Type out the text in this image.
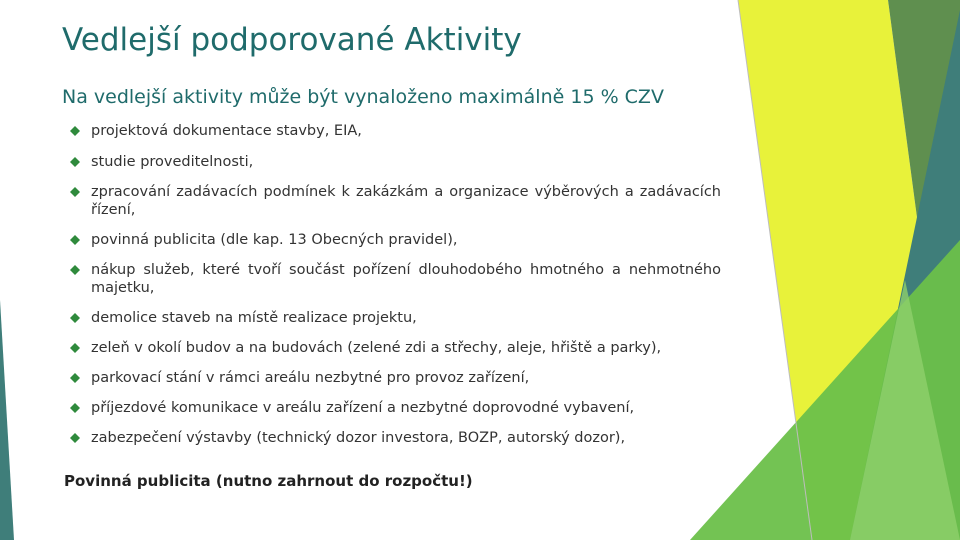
Vedlejší podporované Aktivity
Na vedlejší aktivity může být vynaloženo maximálně 15 % CZV
projektová dokumentace stavby, EIA,
studie proveditelnosti,
zpracování zadávacích podmínek k zakázkám a organizace výběrových a zadávacích řízení,
povinná publicita (dle kap. 13 Obecných pravidel),
nákup služeb, které tvoří součást pořízení dlouhodobého hmotného a nehmotného majetku,
demolice staveb na místě realizace projektu,
zeleň v okolí budov a na budovách (zelené zdi a střechy, aleje, hřiště a parky),
parkovací stání v rámci areálu nezbytné pro provoz zařízení,
příjezdové komunikace v areálu zařízení a nezbytné doprovodné vybavení,
zabezpečení výstavby (technický dozor investora, BOZP, autorský dozor),
Povinná publicita (nutno zahrnout do rozpočtu!)
